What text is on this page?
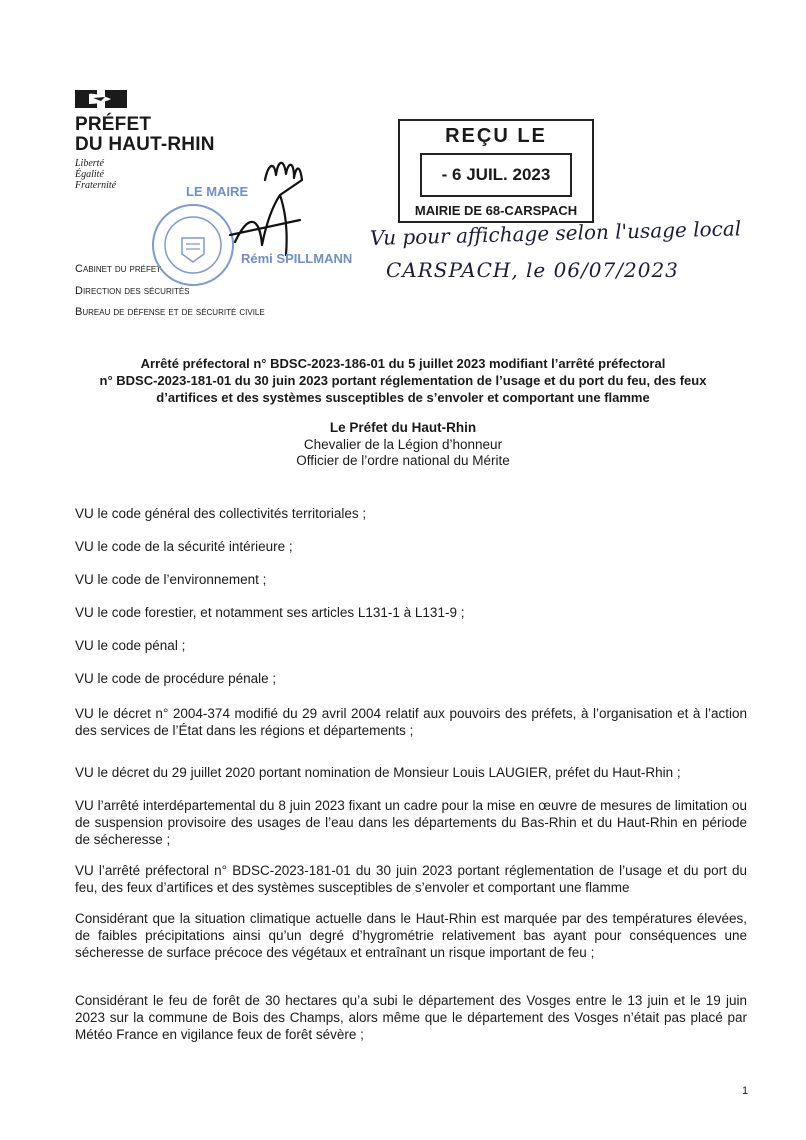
PRÉFET
DU HAUT-RHIN
Liberté
Égalité
Fraternité
Cabinet du préfet
Direction des sécurités
Bureau de défense et de sécurité civile
LE MAIRE
Rémi SPILLMANN
REÇU LE
- 6 JUIL. 2023
MAIRIE DE 68-CARSPACH
Vu pour affichage selon l'usage local
CARSPACH, le 06/07/2023
Arrêté préfectoral n° BDSC-2023-186-01 du 5 juillet 2023 modifiant l’arrêté préfectoral
n° BDSC-2023-181-01 du 30 juin 2023 portant réglementation de l’usage et du port du feu, des feux
d’artifices et des systèmes susceptibles de s’envoler et comportant une flamme
Le Préfet du Haut-Rhin
Chevalier de la Légion d’honneur
Officier de l’ordre national du Mérite
VU le code général des collectivités territoriales ;
VU le code de la sécurité intérieure ;
VU le code de l’environnement ;
VU le code forestier, et notamment ses articles L131-1 à L131-9 ;
VU le code pénal ;
VU le code de procédure pénale ;
VU le décret n° 2004-374 modifié du 29 avril 2004 relatif aux pouvoirs des préfets, à l’organisation et à l’action des services de l’État dans les régions et départements ;
VU le décret du 29 juillet 2020 portant nomination de Monsieur Louis LAUGIER, préfet du Haut-Rhin ;
VU l’arrêté interdépartemental du 8 juin 2023 fixant un cadre pour la mise en œuvre de mesures de limitation ou de suspension provisoire des usages de l’eau dans les départements du Bas-Rhin et du Haut-Rhin en période de sécheresse ;
VU l’arrêté préfectoral n° BDSC-2023-181-01 du 30 juin 2023 portant réglementation de l’usage et du port du feu, des feux d’artifices et des systèmes susceptibles de s’envoler et comportant une flamme
Considérant que la situation climatique actuelle dans le Haut-Rhin est marquée par des températures élevées, de faibles précipitations ainsi qu’un degré d’hygrométrie relativement bas ayant pour conséquences une sécheresse de surface précoce des végétaux et entraînant un risque important de feu ;
Considérant le feu de forêt de 30 hectares qu’a subi le département des Vosges entre le 13 juin et le 19 juin 2023 sur la commune de Bois des Champs, alors même que le département des Vosges n’était pas placé par Météo France en vigilance feux de forêt sévère ;
1
